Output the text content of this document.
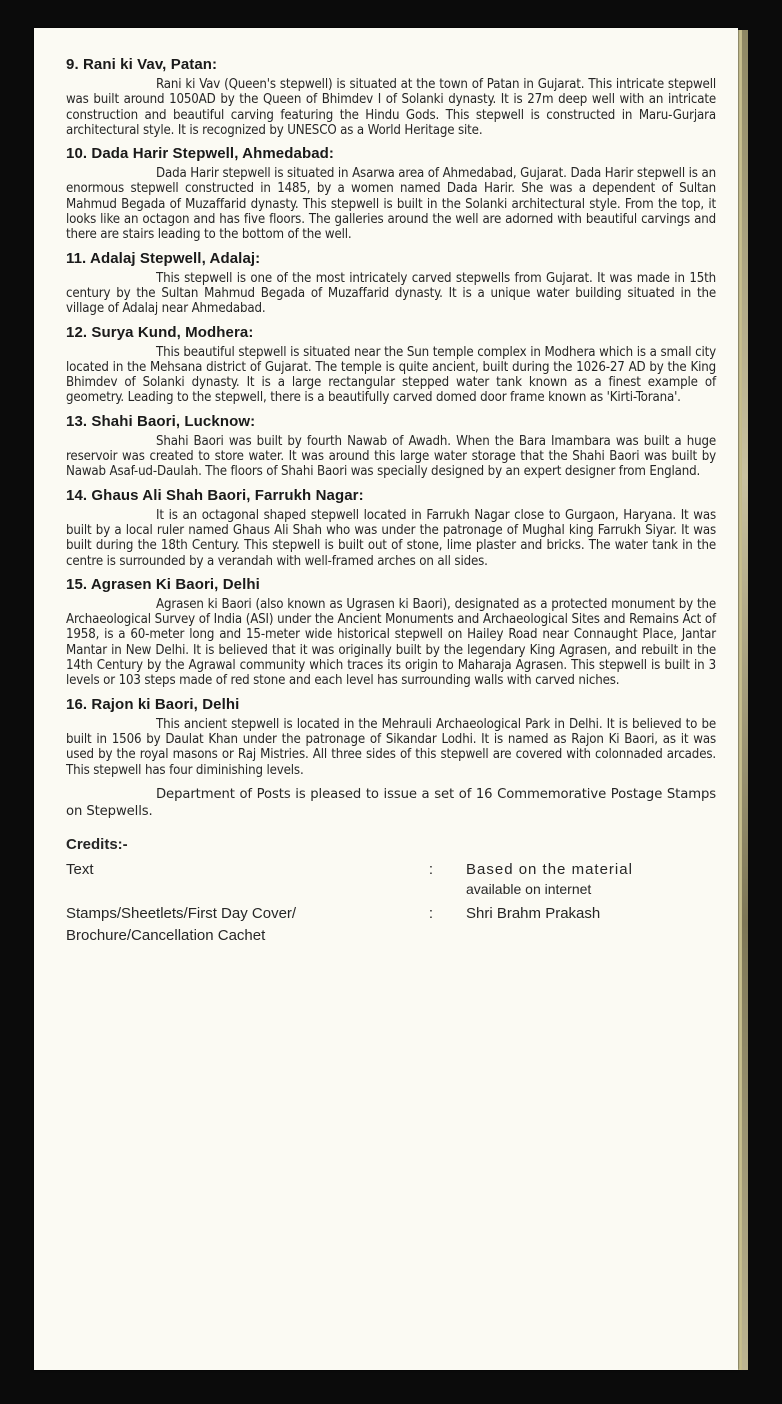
9. Rani ki Vav, Patan:

Rani ki Vav (Queen's stepwell) is situated at the town of Patan in Gujarat. This intricate stepwell was built around 1050AD by the Queen of Bhimdev I of Solanki dynasty. It is 27m deep well with an intricate construction and beautiful carving featuring the Hindu Gods. This stepwell is constructed in Maru-Gurjara architectural style. It is recognized by UNESCO as a World Heritage site.

10. Dada Harir Stepwell, Ahmedabad:

Dada Harir stepwell is situated in Asarwa area of Ahmedabad, Gujarat. Dada Harir stepwell is an enormous stepwell constructed in 1485, by a women named Dada Harir. She was a dependent of Sultan Mahmud Begada of Muzaffarid dynasty. This stepwell is built in the Solanki architectural style. From the top, it looks like an octagon and has five floors. The galleries around the well are adorned with beautiful carvings and there are stairs leading to the bottom of the well.

11. Adalaj Stepwell, Adalaj:

This stepwell is one of the most intricately carved stepwells from Gujarat. It was made in 15th century by the Sultan Mahmud Begada of Muzaffarid dynasty. It is a unique water building situated in the village of Adalaj near Ahmedabad.

12. Surya Kund, Modhera:

This beautiful stepwell is situated near the Sun temple complex in Modhera which is a small city located in the Mehsana district of Gujarat. The temple is quite ancient, built during the 1026-27 AD by the King Bhimdev of Solanki dynasty. It is a large rectangular stepped water tank known as a finest example of geometry. Leading to the stepwell, there is a beautifully carved domed door frame known as 'Kirti-Torana'.

13. Shahi Baori, Lucknow:

Shahi Baori was built by fourth Nawab of Awadh. When the Bara Imambara was built a huge reservoir was created to store water. It was around this large water storage that the Shahi Baori was built by Nawab Asaf-ud-Daulah. The floors of Shahi Baori was specially designed by an expert designer from England.

14. Ghaus Ali Shah Baori, Farrukh Nagar:

It is an octagonal shaped stepwell located in Farrukh Nagar close to Gurgaon, Haryana. It was built by a local ruler named Ghaus Ali Shah who was under the patronage of Mughal king Farrukh Siyar. It was built during the 18th Century. This stepwell is built out of stone, lime plaster and bricks. The water tank in the centre is surrounded by a verandah with well-framed arches on all sides.

15. Agrasen Ki Baori, Delhi

Agrasen ki Baori (also known as Ugrasen ki Baori), designated as a protected monument by the Archaeological Survey of India (ASI) under the Ancient Monuments and Archaeological Sites and Remains Act of 1958, is a 60-meter long and 15-meter wide historical stepwell on Hailey Road near Connaught Place, Jantar Mantar in New Delhi. It is believed that it was originally built by the legendary King Agrasen, and rebuilt in the 14th Century by the Agrawal community which traces its origin to Maharaja Agrasen. This stepwell is built in 3 levels or 103 steps made of red stone and each level has surrounding walls with carved niches.

16. Rajon ki Baori, Delhi

This ancient stepwell is located in the Mehrauli Archaeological Park in Delhi. It is believed to be built in 1506 by Daulat Khan under the patronage of Sikandar Lodhi. It is named as Rajon Ki Baori, as it was used by the royal masons or Raj Mistries. All three sides of this stepwell are covered with colonnaded arcades. This stepwell has four diminishing levels.

Department of Posts is pleased to issue a set of 16 Commemorative Postage Stamps on Stepwells.

Credits:-
Text	:	Based on the material
available on internet
Stamps/Sheetlets/First Day Cover/
Brochure/Cancellation Cachet
:	Shri Brahm Prakash
